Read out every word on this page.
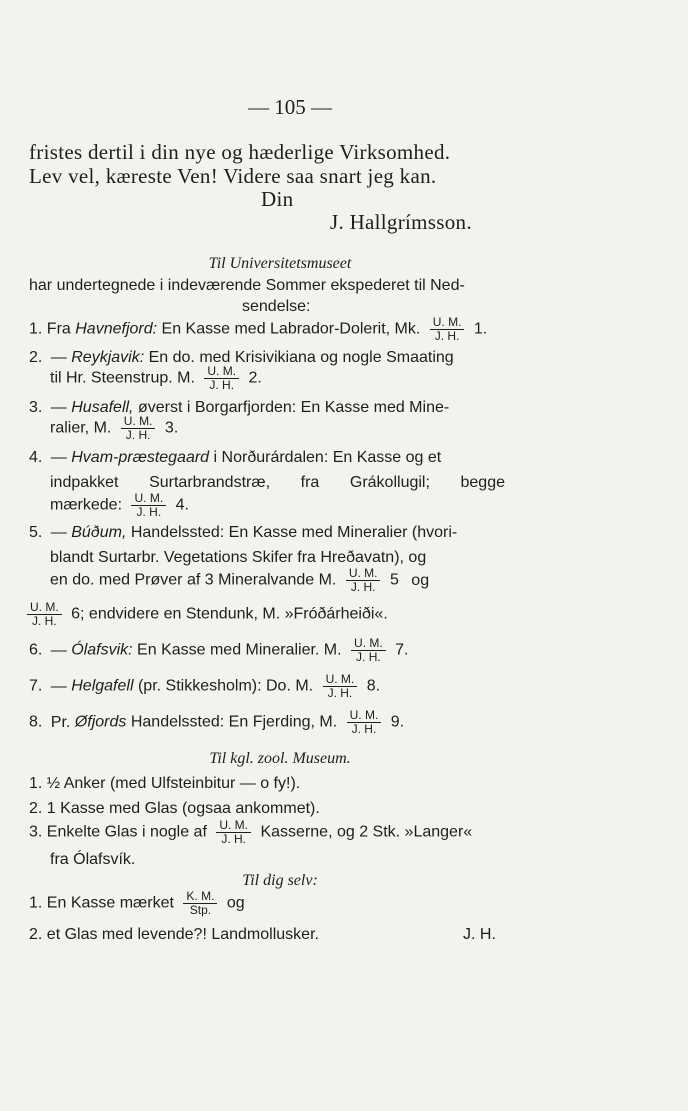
— 105 —
fristes dertil i din nye og hæderlige Virksomhed.
Lev vel, kæreste Ven! Videre saa snart jeg kan.
Din
J. Hallgrímsson.
Til Universitetsmuseet
har undertegnede i indeværende Sommer ekspederet til Ned-
sendelse:
1. Fra Havnefjord: En Kasse med Labrador-Dolerit, Mk. $\frac{U. M.}{J. H.} 1$.
2. — Reykjavik: En do. med Krisivikiana og nogle Smaating
til Hr. Steenstrup. M. $\frac{U. M.}{J. H.} 2$.
3. — Husafell, øverst i Borgarfjorden: En Kasse med Mine-
ralier, M. $\frac{U. M.}{J. H.} 3$.
4. — Hvam-præstegaard i Norðurárdalen: En Kasse og et
indpakket Surtarbrandstræ, fra Grákollugil; begge
mærkede: $\frac{U. M.}{J. H.} 4$.
5. — Búðum, Handelssted: En Kasse med Mineralier (hvori-
blandt Surtarbr. Vegetations Skifer fra Hreðavatn), og
en do. med Prøver af 3 Mineralvande M. $\frac{U. M.}{J. H.} 5$ og
$\frac{U. M.}{J. H.} 6$; endvidere en Stendunk, M. »Fróðárheiði«.
6. — Ólafsvik: En Kasse med Mineralier. M. $\frac{U. M.}{J. H.} 7$.
7. — Helgafell (pr. Stikkesholm): Do. M. $\frac{U. M.}{J. H.} 8$.
8. Pr. Øfjords Handelssted: En Fjerding, M. $\frac{U. M.}{J. H.} 9$.
Til kgl. zool. Museum.
1. ½ Anker (med Ulfsteinbitur — o fy!).
2. 1 Kasse med Glas (ogsaa ankommet).
3. Enkelte Glas i nogle af $\frac{U. M.}{J. H.}$ Kasserne, og 2 Stk. »Langer«
fra Ólafsvík.
Til dig selv:
1. En Kasse mærket $\frac{K. M.}{\text{Stp.}}$ og
2. et Glas med levende?! Landmollusker.	J. H.
